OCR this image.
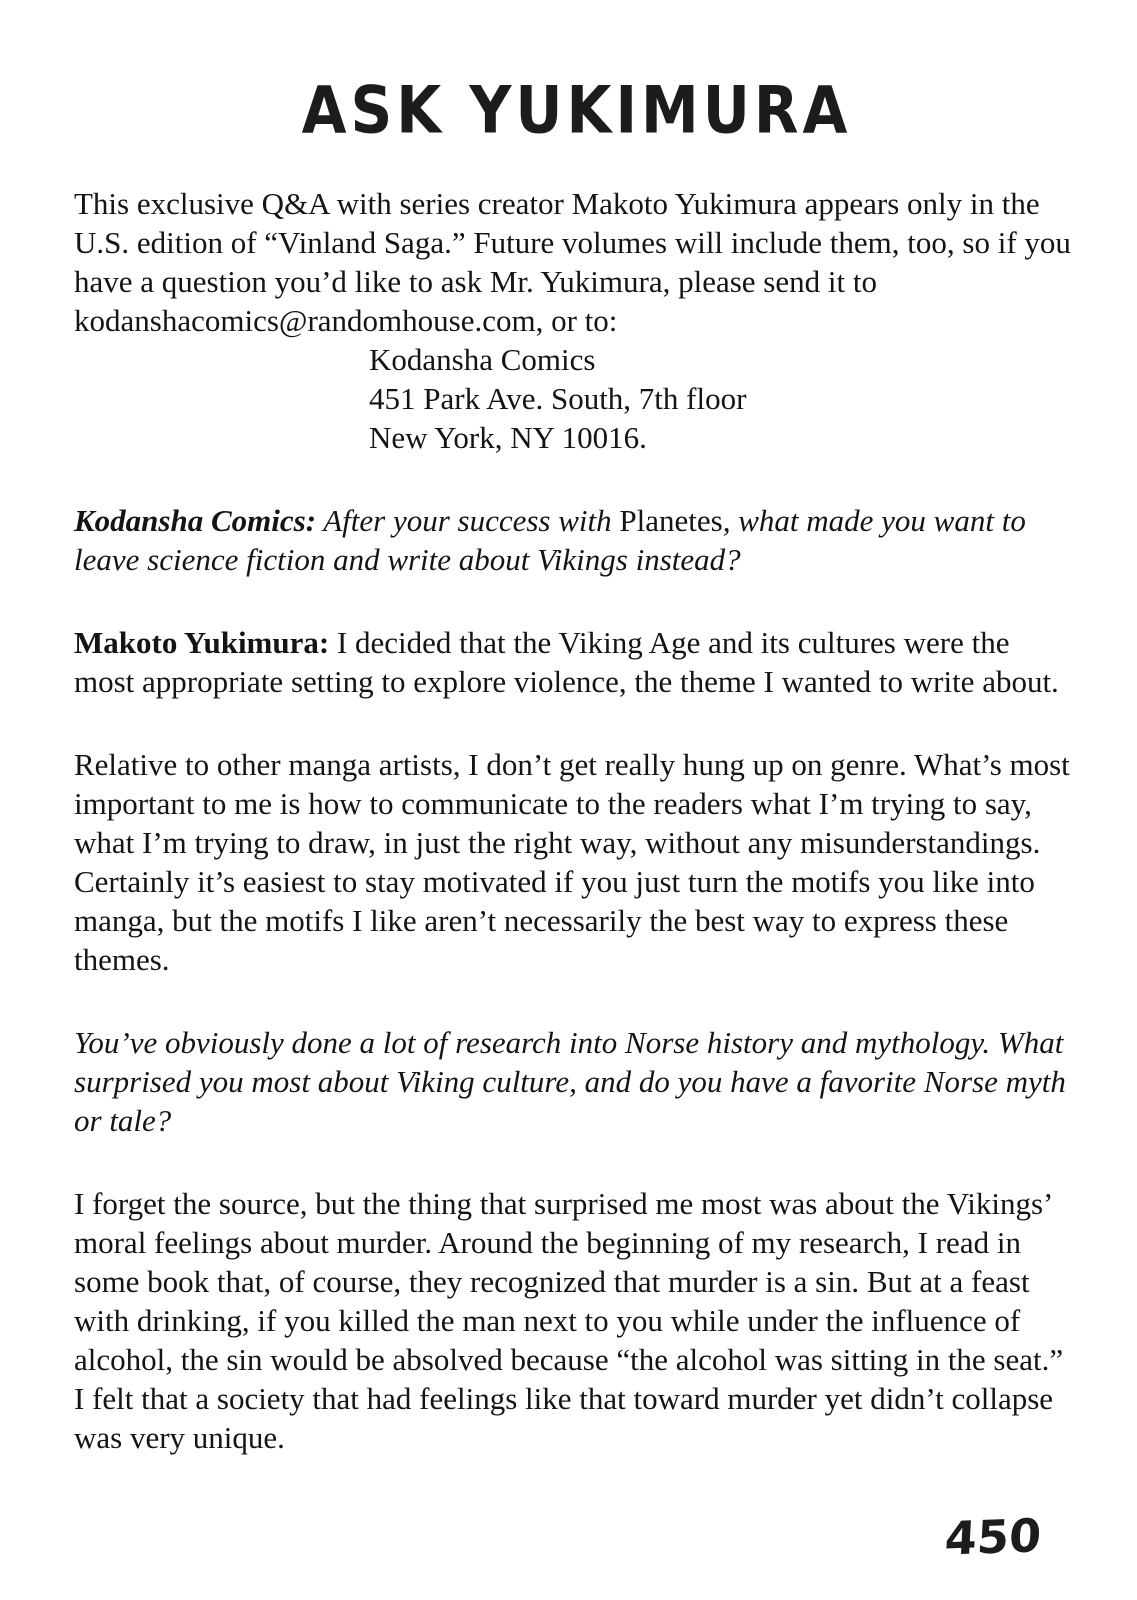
ASK YUKIMURA

This exclusive Q&A with series creator Makoto Yukimura appears only in the U.S. edition of “Vinland Saga.” Future volumes will include them, too, so if you have a question you’d like to ask Mr. Yukimura, please send it to kodanshacomics@randomhouse.com, or to:

Kodansha Comics
451 Park Ave. South, 7th floor
New York, NY 10016.

Kodansha Comics: After your success with Planetes, what made you want to leave science fiction and write about Vikings instead?

Makoto Yukimura: I decided that the Viking Age and its cultures were the most appropriate setting to explore violence, the theme I wanted to write about.

Relative to other manga artists, I don’t get really hung up on genre. What’s most important to me is how to communicate to the readers what I’m trying to say, what I’m trying to draw, in just the right way, without any misunderstandings. Certainly it’s easiest to stay motivated if you just turn the motifs you like into manga, but the motifs I like aren’t necessarily the best way to express these themes.

You’ve obviously done a lot of research into Norse history and mythology. What surprised you most about Viking culture, and do you have a favorite Norse myth or tale?

I forget the source, but the thing that surprised me most was about the Vikings’ moral feelings about murder. Around the beginning of my research, I read in some book that, of course, they recognized that murder is a sin. But at a feast with drinking, if you killed the man next to you while under the influence of alcohol, the sin would be absolved because “the alcohol was sitting in the seat.” I felt that a society that had feelings like that toward murder yet didn’t collapse was very unique.

450
